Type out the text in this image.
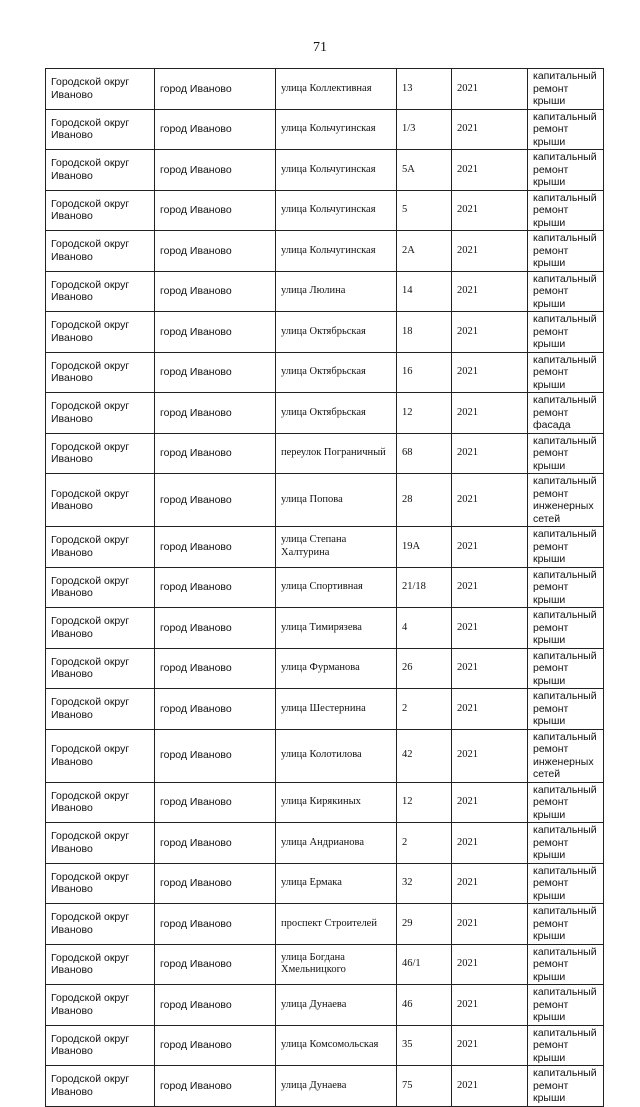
71
Городской округ Иваново	город Иваново	улица Коллективная	13	2021	капитальный ремонт крыши
Городской округ Иваново	город Иваново	улица Кольчугинская	1/3	2021	капитальный ремонт крыши
Городской округ Иваново	город Иваново	улица Кольчугинская	5А	2021	капитальный ремонт крыши
Городской округ Иваново	город Иваново	улица Кольчугинская	5	2021	капитальный ремонт крыши
Городской округ Иваново	город Иваново	улица Кольчугинская	2А	2021	капитальный ремонт крыши
Городской округ Иваново	город Иваново	улица Люлина	14	2021	капитальный ремонт крыши
Городской округ Иваново	город Иваново	улица Октябрьская	18	2021	капитальный ремонт крыши
Городской округ Иваново	город Иваново	улица Октябрьская	16	2021	капитальный ремонт крыши
Городской округ Иваново	город Иваново	улица Октябрьская	12	2021	капитальный ремонт фасада
Городской округ Иваново	город Иваново	переулок Пограничный	68	2021	капитальный ремонт крыши
Городской округ Иваново	город Иваново	улица Попова	28	2021	капитальный ремонт инженерных сетей
Городской округ Иваново	город Иваново	улица Степана Халтурина	19А	2021	капитальный ремонт крыши
Городской округ Иваново	город Иваново	улица Спортивная	21/18	2021	капитальный ремонт крыши
Городской округ Иваново	город Иваново	улица Тимирязева	4	2021	капитальный ремонт крыши
Городской округ Иваново	город Иваново	улица Фурманова	26	2021	капитальный ремонт крыши
Городской округ Иваново	город Иваново	улица Шестернина	2	2021	капитальный ремонт крыши
Городской округ Иваново	город Иваново	улица Колотилова	42	2021	капитальный ремонт инженерных сетей
Городской округ Иваново	город Иваново	улица Кирякиных	12	2021	капитальный ремонт крыши
Городской округ Иваново	город Иваново	улица Андрианова	2	2021	капитальный ремонт крыши
Городской округ Иваново	город Иваново	улица Ермака	32	2021	капитальный ремонт крыши
Городской округ Иваново	город Иваново	проспект Строителей	29	2021	капитальный ремонт крыши
Городской округ Иваново	город Иваново	улица Богдана Хмельницкого	46/1	2021	капитальный ремонт крыши
Городской округ Иваново	город Иваново	улица Дунаева	46	2021	капитальный ремонт крыши
Городской округ Иваново	город Иваново	улица Комсомольская	35	2021	капитальный ремонт крыши
Городской округ Иваново	город Иваново	улица Дунаева	75	2021	капитальный ремонт крыши
